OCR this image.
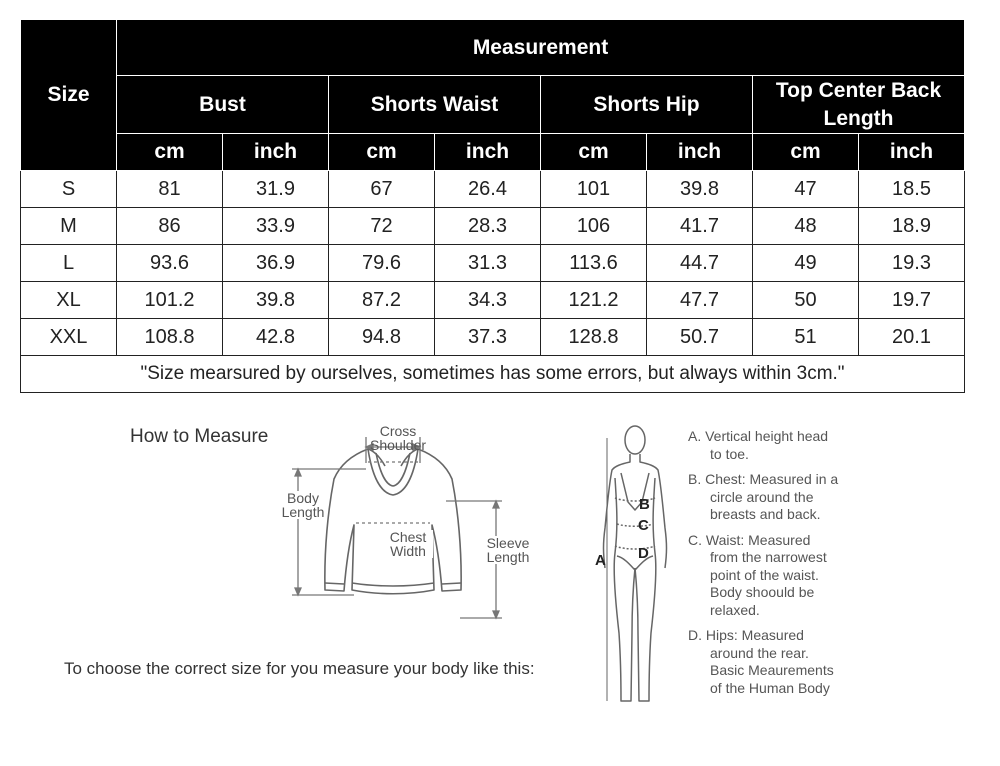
Size	Measurement							
	Bust		Shorts Waist		Shorts Hip		Top Center Back Length	
	cm	inch	cm	inch	cm	inch	cm	inch
S	81	31.9	67	26.4	101	39.8	47	18.5
M	86	33.9	72	28.3	106	41.7	48	18.9
L	93.6	36.9	79.6	31.3	113.6	44.7	49	19.3
XL	101.2	39.8	87.2	34.3	121.2	47.7	50	19.7
XXL	108.8	42.8	94.8	37.3	128.8	50.7	51	20.1
"Size mearsured by ourselves, sometimes has some errors, but always within 3cm."								
How to Measure	Cross
Shoulder
Body
Length
Chest
Width	Sleeve
Length
To choose the correct size for you measure your body like this:
A
B
C
D
A. Vertical height head
to toe.
B. Chest: Measured in a
circle around the
breasts and back.
C. Waist: Measured
from the narrowest
point of the waist.
Body shoould be
relaxed.
D. Hips: Measured
around the rear.
Basic Meaurements
of the Human Body
